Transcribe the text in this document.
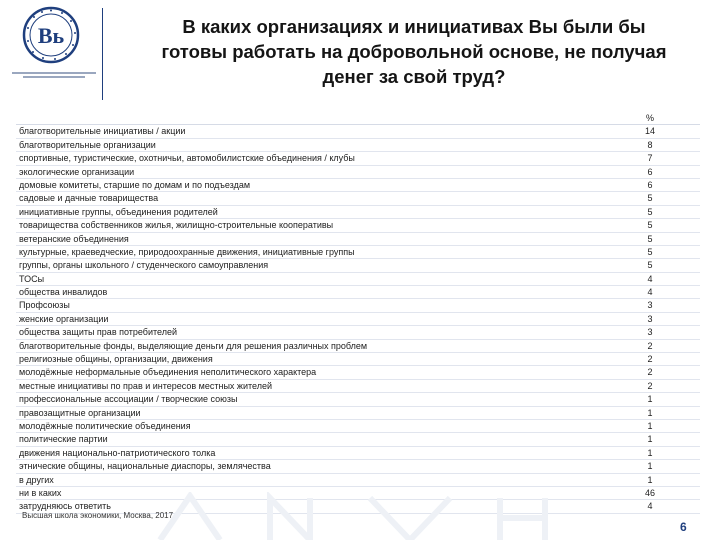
Вь	В каких организациях и инициативах Вы были бы
готовы работать на добровольной основе, не получая
денег за свой труд?
%
благотворительные инициативы / акции	14
благотворительные организации	8
спортивные, туристические, охотничьи, автомобилистские объединения / клубы	7
экологические организации	6
домовые комитеты, старшие по домам и по подъездам	6
садовые и дачные товарищества	5
инициативные группы, объединения родителей	5
товарищества собственников жилья, жилищно-строительные кооперативы	5
ветеранские объединения	5
культурные, краеведческие, природоохранные движения, инициативные группы	5
группы, органы школьного / студенческого самоуправления	5
ТОСы	4
общества инвалидов	4
Профсоюзы	3
женские организации	3
общества защиты прав потребителей	3
благотворительные фонды, выделяющие деньги для решения различных проблем	2
религиозные общины, организации, движения	2
молодёжные неформальные объединения неполитического характера	2
местные инициативы по прав и интересов местных жителей	2
профессиональные ассоциации / творческие союзы	1
правозащитные организации	1
молодёжные политические объединения	1
политические партии	1
движения национально-патриотического толка	1
этнические общины, национальные диаспоры, землячества	1
в других	1
ни в каких	46
затрудняюсь ответить	4
Высшая школа экономики, Москва, 2017
6
